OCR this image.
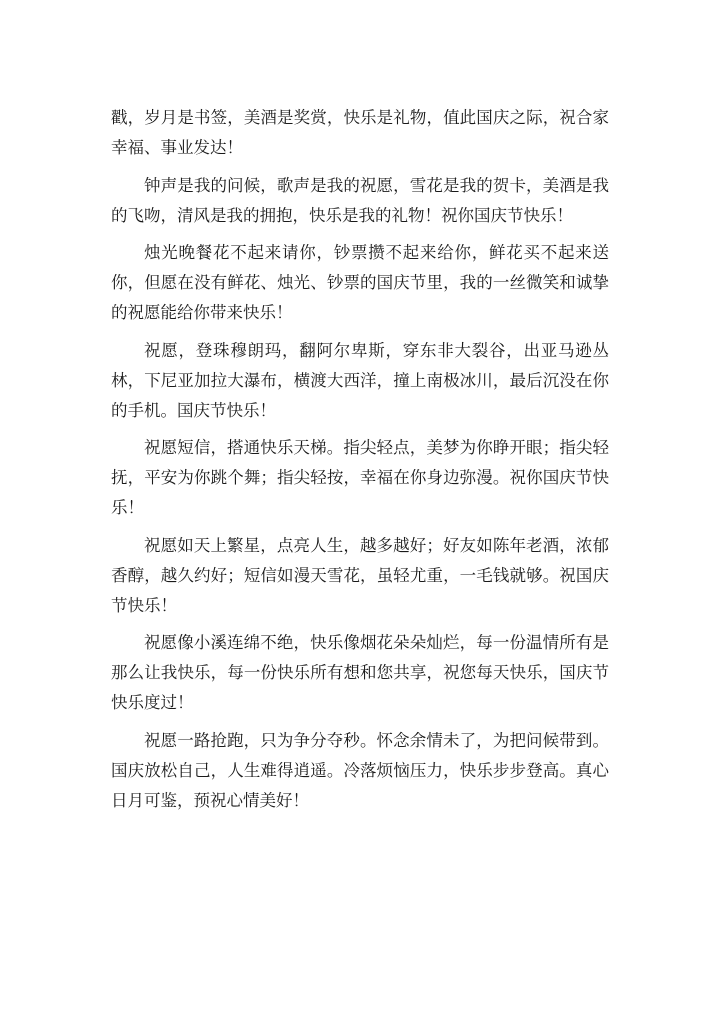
戳，岁月是书签，美酒是奖赏，快乐是礼物，值此国庆之际，祝合家幸福、事业发达！

钟声是我的问候，歌声是我的祝愿，雪花是我的贺卡，美酒是我的飞吻，清风是我的拥抱，快乐是我的礼物！祝你国庆节快乐！

烛光晚餐花不起来请你，钞票攒不起来给你，鲜花买不起来送你，但愿在没有鲜花、烛光、钞票的国庆节里，我的一丝微笑和诚挚的祝愿能给你带来快乐！

祝愿，登珠穆朗玛，翻阿尔卑斯，穿东非大裂谷，出亚马逊丛林，下尼亚加拉大瀑布，横渡大西洋，撞上南极冰川，最后沉没在你的手机。国庆节快乐！

祝愿短信，搭通快乐天梯。指尖轻点，美梦为你睁开眼；指尖轻抚，平安为你跳个舞；指尖轻按，幸福在你身边弥漫。祝你国庆节快乐！

祝愿如天上繁星，点亮人生，越多越好；好友如陈年老酒，浓郁香醇，越久约好；短信如漫天雪花，虽轻尤重，一毛钱就够。祝国庆节快乐！

祝愿像小溪连绵不绝，快乐像烟花朵朵灿烂，每一份温情所有是那么让我快乐，每一份快乐所有想和您共享，祝您每天快乐，国庆节快乐度过！

祝愿一路抢跑，只为争分夺秒。怀念余情未了，为把问候带到。国庆放松自己，人生难得逍遥。冷落烦恼压力，快乐步步登高。真心日月可鉴，预祝心情美好！
